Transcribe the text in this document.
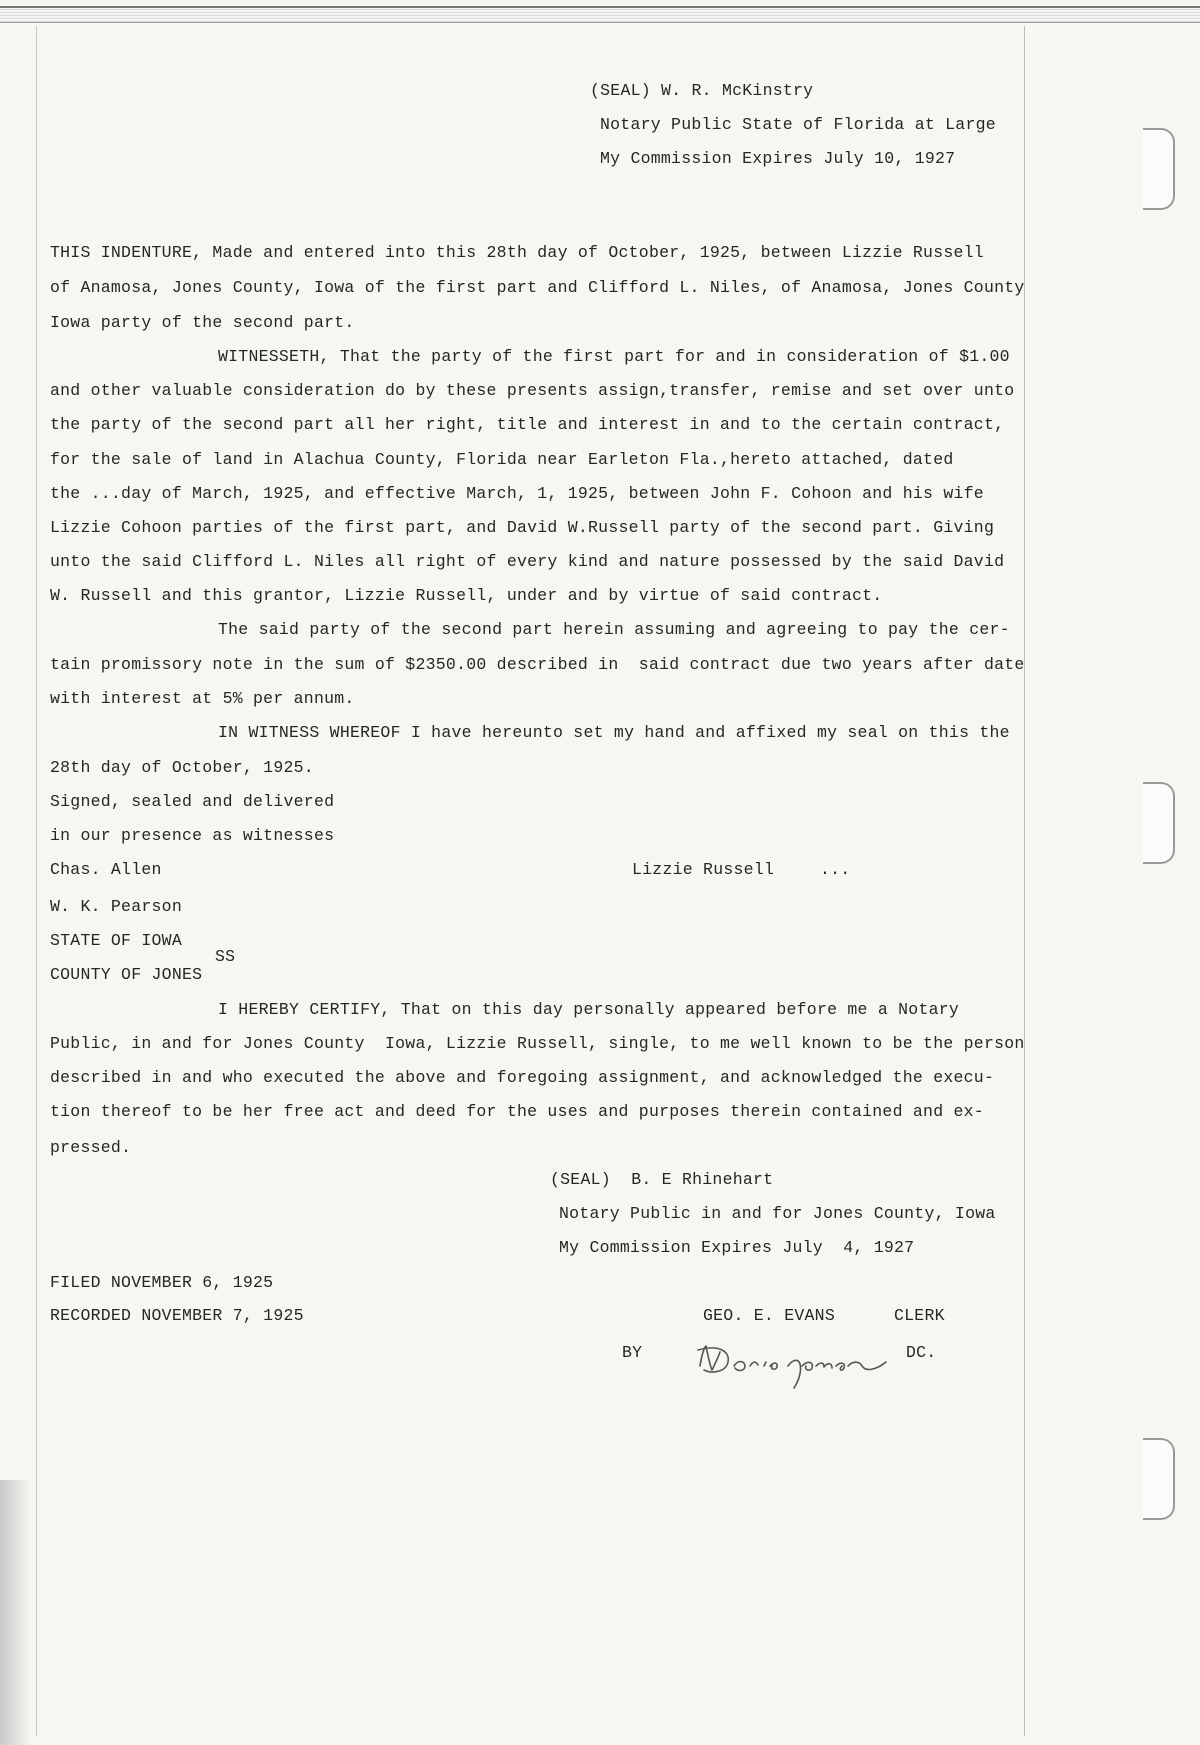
(SEAL) W. R. McKinstry

Notary Public State of Florida at Large

My Commission Expires July 10, 1927

THIS INDENTURE, Made and entered into this 28th day of October, 1925, between Lizzie Russell

of Anamosa, Jones County, Iowa of the first part and Clifford L. Niles, of Anamosa, Jones County

Iowa party of the second part.

WITNESSETH, That the party of the first part for and in consideration of $1.00

and other valuable consideration do by these presents assign,transfer, remise and set over unto

the party of the second part all her right, title and interest in and to the certain contract,

for the sale of land in Alachua County, Florida near Earleton Fla.,hereto attached, dated

the ...day of March, 1925, and effective March, 1, 1925, between John F. Cohoon and his wife

Lizzie Cohoon parties of the first part, and David W.Russell party of the second part. Giving

unto the said Clifford L. Niles all right of every kind and nature possessed by the said David

W. Russell and this grantor, Lizzie Russell, under and by virtue of said contract.

The said party of the second part herein assuming and agreeing to pay the cer-

tain promissory note in the sum of $2350.00 described in  said contract due two years after date

with interest at 5% per annum.

IN WITNESS WHEREOF I have hereunto set my hand and affixed my seal on this the

28th day of October, 1925.

Signed, sealed and delivered

in our presence as witnesses

Chas. Allen	Lizzie Russell	...

W. K. Pearson

STATE OF IOWA

SS

COUNTY OF JONES

I HEREBY CERTIFY, That on this day personally appeared before me a Notary

Public, in and for Jones County  Iowa, Lizzie Russell, single, to me well known to be the person

described in and who executed the above and foregoing assignment, and acknowledged the execu-

tion thereof to be her free act and deed for the uses and purposes therein contained and ex-

pressed.

(SEAL)  B. E Rhinehart

Notary Public in and for Jones County, Iowa

My Commission Expires July  4, 1927

FILED NOVEMBER 6, 1925

RECORDED NOVEMBER 7, 1925	GEO. E. EVANS	CLERK

BY	DC.
